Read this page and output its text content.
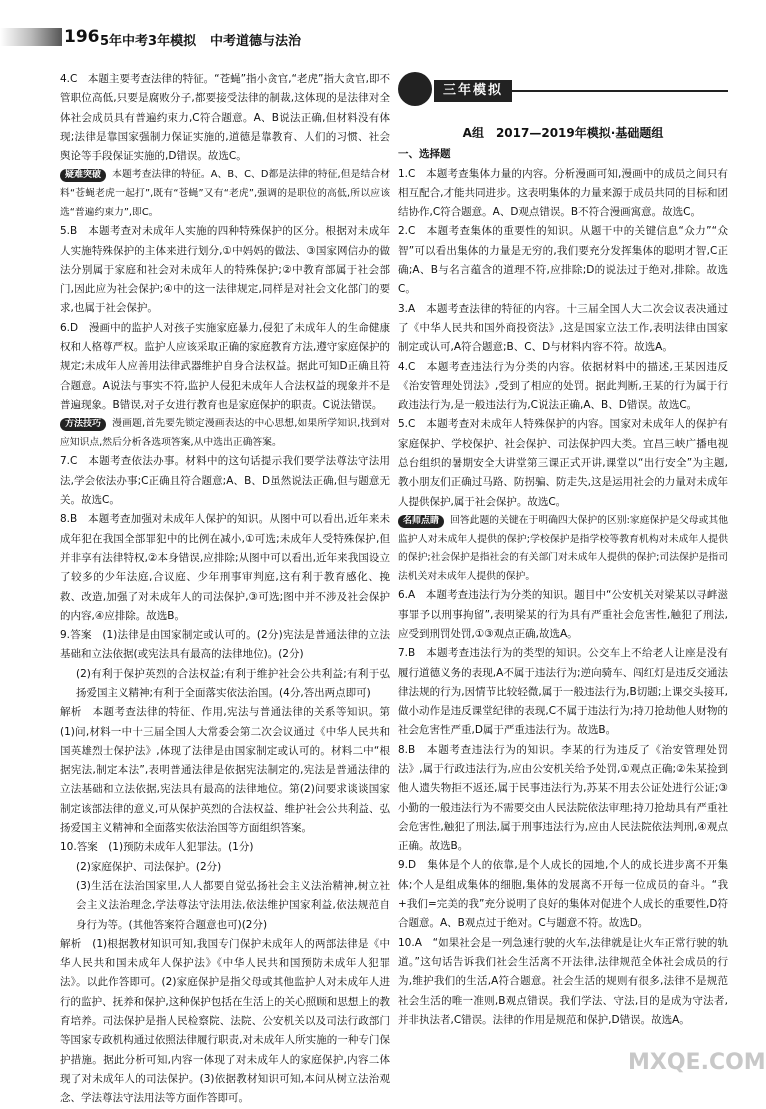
196 5年中考3年模拟 中考道德与法治

4.C　本题主要考查法律的特征。“苍蝇”指小贪官,“老虎”指大贪官,即不管职位高低,只要是腐败分子,都要接受法律的制裁,这体现的是法律对全体社会成员具有普遍约束力,C符合题意。A、B说法正确,但材料没有体现;法律是靠国家强制力保证实施的,道德是靠教育、人们的习惯、社会舆论等手段保证实施的,D错误。故选C。

疑难突破 本题考查法律的特征。A、B、C、D都是法律的特征,但是结合材料“苍蝇老虎一起打”,既有“苍蝇”又有“老虎”,强调的是职位的高低,所以应该选“普遍约束力”,即C。

5.B　本题考查对未成年人实施的四种特殊保护的区分。根据对未成年人实施特殊保护的主体来进行划分,①中妈妈的做法、③国家网信办的做法分别属于家庭和社会对未成年人的特殊保护;②中教育部属于社会部门,因此应为社会保护;④中的这一法律规定,同样是对社会文化部门的要求,也属于社会保护。

6.D　漫画中的监护人对孩子实施家庭暴力,侵犯了未成年人的生命健康权和人格尊严权。监护人应该采取正确的家庭教育方法,遵守家庭保护的规定;未成年人应善用法律武器维护自身合法权益。据此可知D正确且符合题意。A说法与事实不符,监护人侵犯未成年人合法权益的现象并不是普遍现象。B错误,对子女进行教育也是家庭保护的职责。C说法错误。

方法技巧 漫画题,首先要先锁定漫画表达的中心思想,如果所学知识,找到对应知识点,然后分析各选项答案,从中选出正确答案。

7.C　本题考查依法办事。材料中的这句话提示我们要学法尊法守法用法,学会依法办事;C正确且符合题意;A、B、D虽然说法正确,但与题意无关。故选C。

8.B　本题考查加强对未成年人保护的知识。从图中可以看出,近年来未成年犯在我国全部罪犯中的比例在减小,①可选;未成年人受特殊保护,但并非享有法律特权,②本身错误,应排除;从图中可以看出,近年来我国设立了较多的少年法庭,合议庭、少年刑事审判庭,这有利于教育感化、挽救、改造,加强了对未成年人的司法保护,③可选;图中并不涉及社会保护的内容,④应排除。故选B。

9.答案　(1)法律是由国家制定或认可的。(2分)宪法是普通法律的立法基础和立法依据(或宪法具有最高的法律地位)。(2分)

(2)有利于保护英烈的合法权益;有利于维护社会公共利益;有利于弘扬爱国主义精神;有利于全面落实依法治国。(4分,答出两点即可)

解析　本题考查法律的特征、作用,宪法与普通法律的关系等知识。第(1)问,材料一中十三届全国人大常委会第二次会议通过《中华人民共和国英雄烈士保护法》,体现了法律是由国家制定或认可的。材料二中“根据宪法,制定本法”,表明普通法律是依据宪法制定的,宪法是普通法律的立法基础和立法依据,宪法具有最高的法律地位。第(2)问要求谈谈国家制定该部法律的意义,可从保护英烈的合法权益、维护社会公共利益、弘扬爱国主义精神和全面落实依法治国等方面组织答案。

10.答案　(1)预防未成年人犯罪法。(1分)

(2)家庭保护、司法保护。(2分)

(3)生活在法治国家里,人人都要自觉弘扬社会主义法治精神,树立社会主义法治理念,学法尊法守法用法,依法维护国家利益,依法规范自身行为等。(其他答案符合题意也可)(2分)

解析　(1)根据教材知识可知,我国专门保护未成年人的两部法律是《中华人民共和国未成年人保护法》《中华人民共和国预防未成年人犯罪法》。以此作答即可。(2)家庭保护是指父母或其他监护人对未成年人进行的监护、抚养和保护,这种保护包括在生活上的关心照顾和思想上的教育培养。司法保护是指人民检察院、法院、公安机关以及司法行政部门等国家专政机构通过依照法律履行职责,对未成年人所实施的一种专门保护措施。据此分析可知,内容一体现了对未成年人的家庭保护,内容二体现了对未成年人的司法保护。(3)依据教材知识可知,本问从树立法治观念、学法尊法守法用法等方面作答即可。

三年模拟
A组　2017—2019年模拟·基础题组
一、选择题

1.C　本题考查集体力量的内容。分析漫画可知,漫画中的成员之间只有相互配合,才能共同进步。这表明集体的力量来源于成员共同的目标和团结协作,C符合题意。A、D观点错误。B不符合漫画寓意。故选C。

2.C　本题考查集体的重要性的知识。从题干中的关键信息“众力”“众智”可以看出集体的力量是无穷的,我们要充分发挥集体的聪明才智,C正确;A、B与名言蕴含的道理不符,应排除;D的说法过于绝对,排除。故选C。

3.A　本题考查法律的特征的内容。十三届全国人大二次会议表决通过了《中华人民共和国外商投资法》,这是国家立法工作,表明法律由国家制定或认可,A符合题意;B、C、D与材料内容不符。故选A。

4.C　本题考查违法行为分类的内容。依据材料中的描述,王某因违反《治安管理处罚法》,受到了相应的处罚。据此判断,王某的行为属于行政违法行为,是一般违法行为,C说法正确,A、B、D错误。故选C。

5.C　本题考查对未成年人特殊保护的内容。国家对未成年人的保护有家庭保护、学校保护、社会保护、司法保护四大类。宜昌三峡广播电视总台组织的暑期安全大讲堂第三课正式开讲,课堂以“出行安全”为主题,教小朋友们正确过马路、防拐骗、防走失,这是运用社会的力量对未成年人提供保护,属于社会保护。故选C。

名师点睛 回答此题的关键在于明确四大保护的区别:家庭保护是父母或其他监护人对未成年人提供的保护;学校保护是指学校等教育机构对未成年人提供的保护;社会保护是指社会的有关部门对未成年人提供的保护;司法保护是指司法机关对未成年人提供的保护。

6.A　本题考查违法行为分类的知识。题目中“公安机关对梁某以寻衅滋事罪予以刑事拘留”,表明梁某的行为具有严重社会危害性,触犯了刑法,应受到刑罚处罚,①③观点正确,故选A。

7.B　本题考查违法行为的类型的知识。公交车上不给老人让座是没有履行道德义务的表现,A不属于违法行为;逆向骑车、闯红灯是违反交通法律法规的行为,因情节比较轻微,属于一般违法行为,B切题;上课交头接耳,做小动作是违反课堂纪律的表现,C不属于违法行为;持刀抢劫他人财物的社会危害性严重,D属于严重违法行为。故选B。

8.B　本题考查违法行为的知识。李某的行为违反了《治安管理处罚法》,属于行政违法行为,应由公安机关给予处罚,①观点正确;②朱某捡到他人遗失物拒不返还,属于民事违法行为,苏某不用去公证处进行公证;③小勤的一般违法行为不需要交由人民法院依法审理;持刀抢劫具有严重社会危害性,触犯了刑法,属于刑事违法行为,应由人民法院依法判刑,④观点正确。故选B。

9.D　集体是个人的依靠,是个人成长的园地,个人的成长进步离不开集体;个人是组成集体的细胞,集体的发展离不开每一位成员的奋斗。“我+我们=完美的我”充分说明了良好的集体对促进个人成长的重要性,D符合题意。A、B观点过于绝对。C与题意不符。故选D。

10.A　“如果社会是一列急速行驶的火车,法律就是让火车正常行驶的轨道。”这句话告诉我们社会生活离不开法律,法律规范全体社会成员的行为,维护我们的生活,A符合题意。社会生活的规则有很多,法律不是规范社会生活的唯一准则,B观点错误。我们学法、守法,目的是成为守法者,并非执法者,C错误。法律的作用是规范和保护,D错误。故选A。

MXQE.COM
